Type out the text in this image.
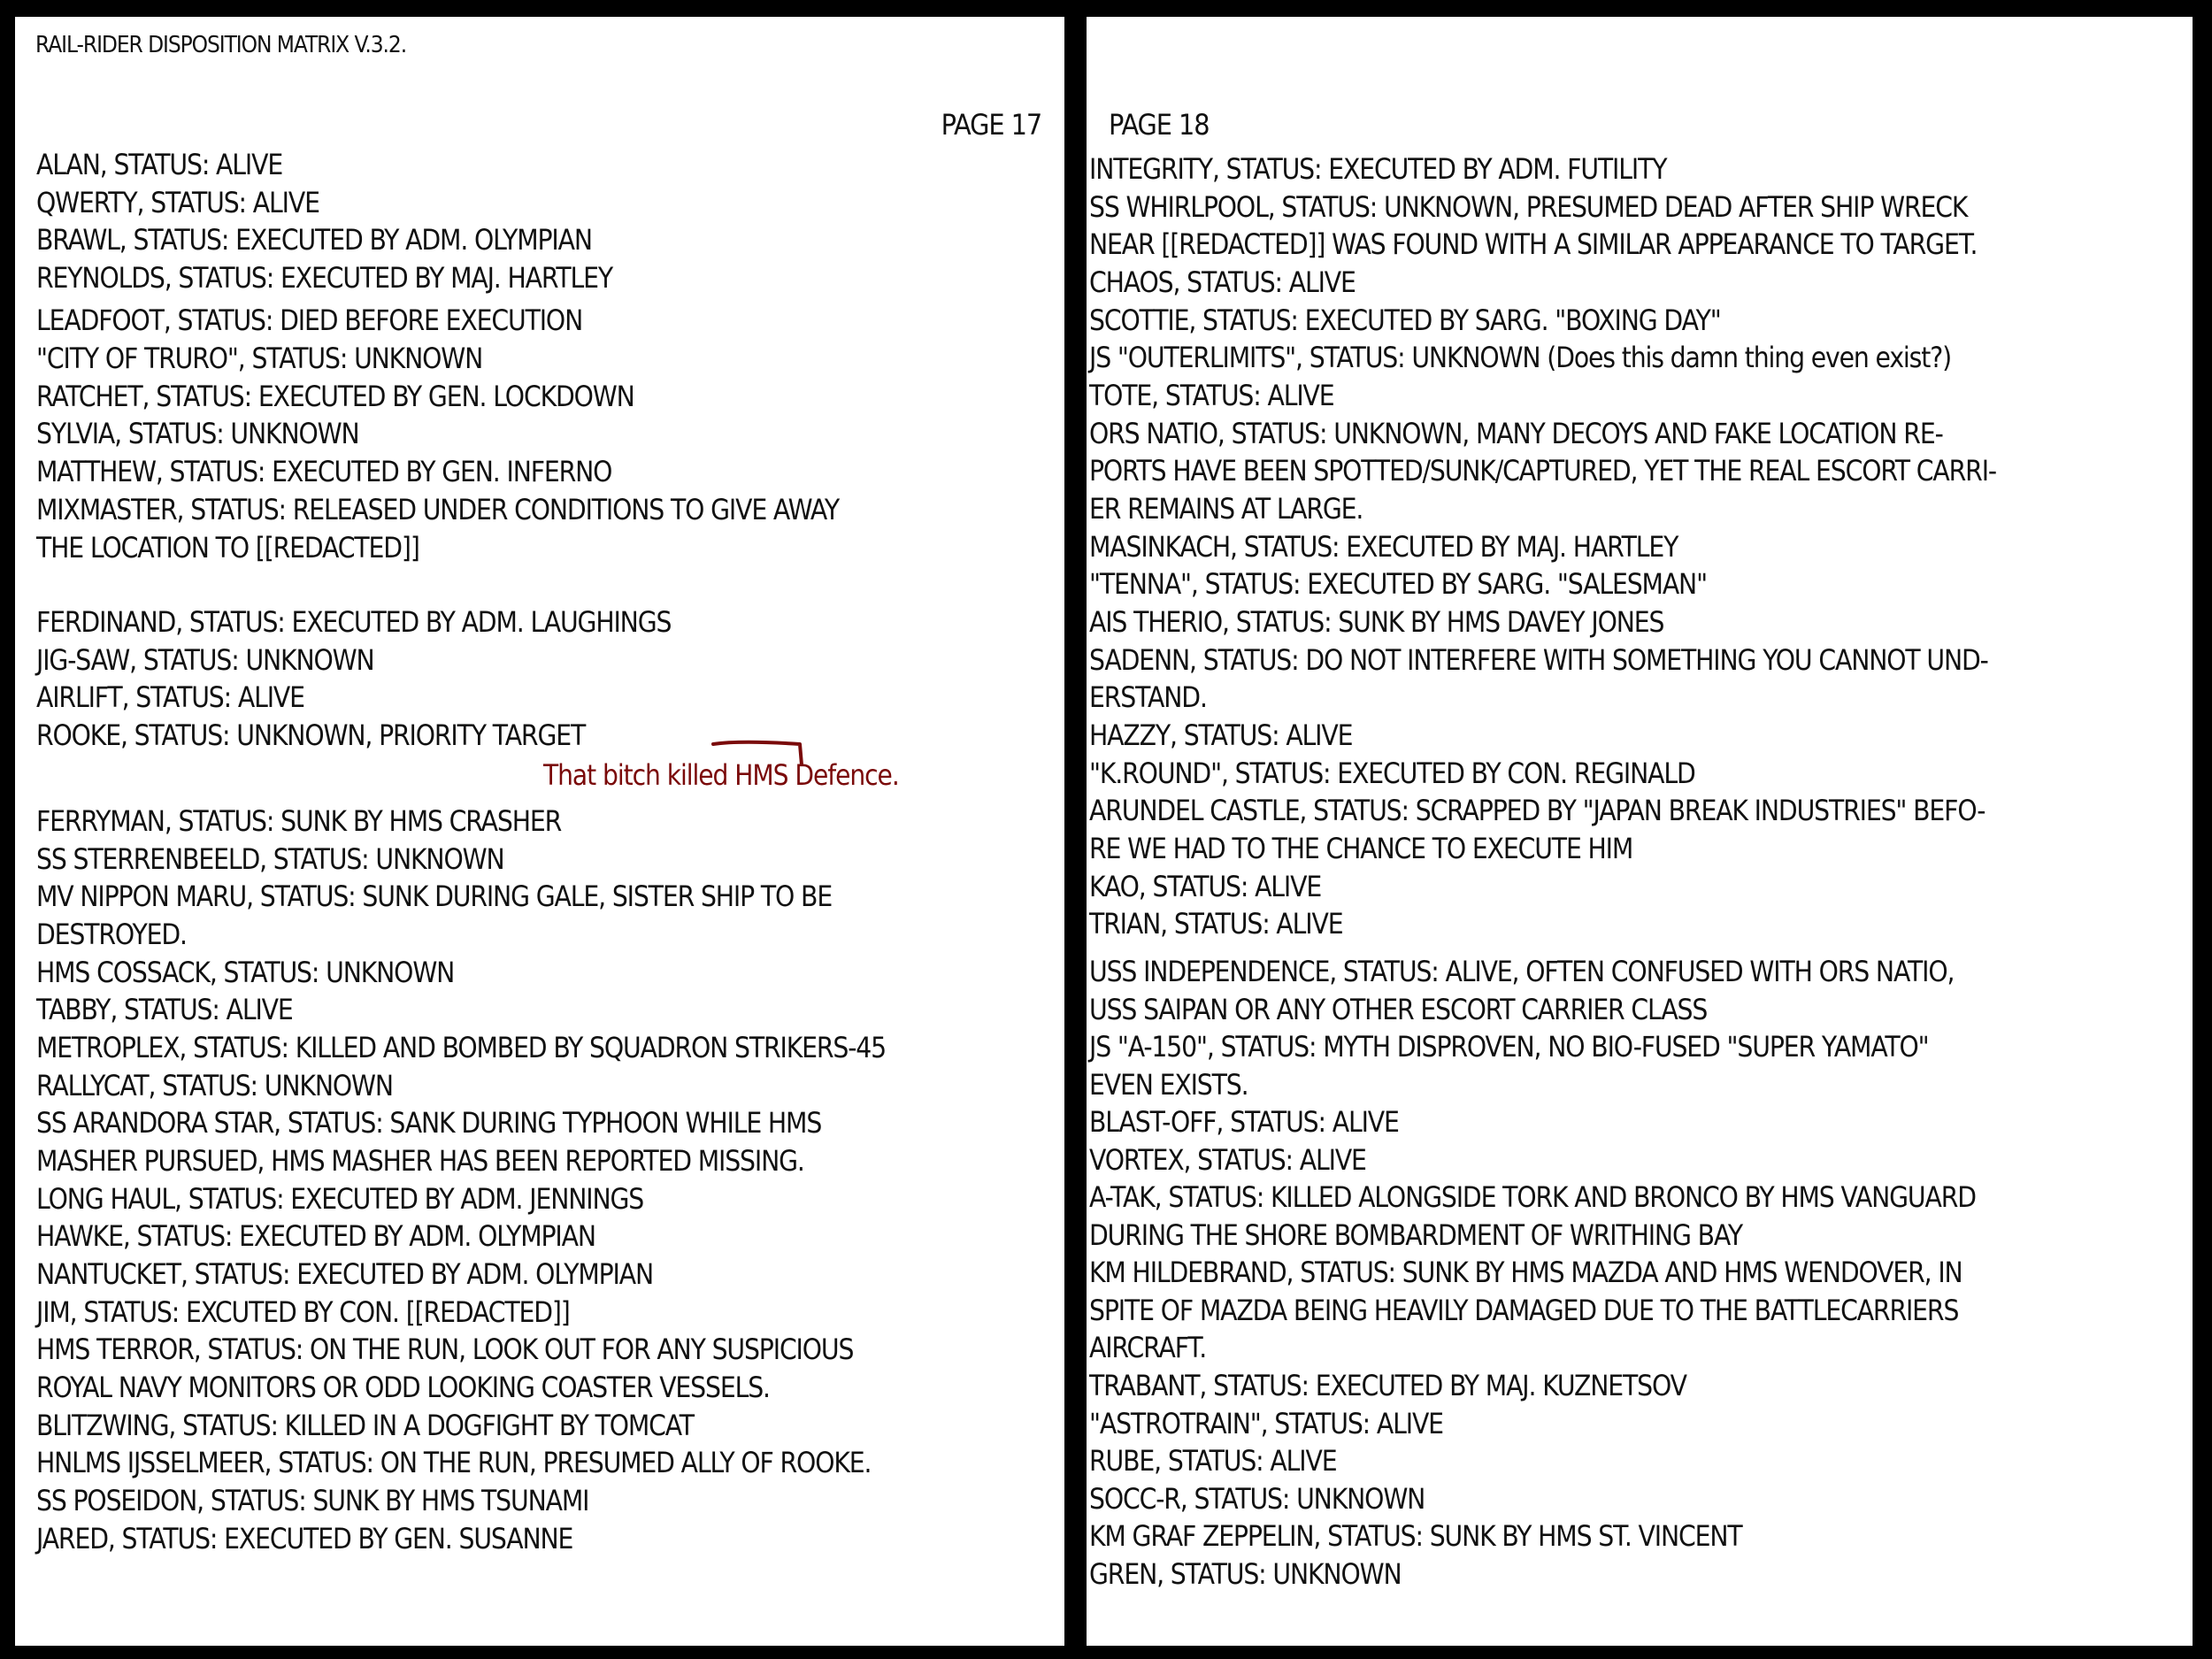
RAIL-RIDER DISPOSITION MATRIX V.3.2.
PAGE 17
ALAN, STATUS: ALIVE
QWERTY, STATUS: ALIVE
BRAWL, STATUS: EXECUTED BY ADM. OLYMPIAN
REYNOLDS, STATUS: EXECUTED BY MAJ. HARTLEY
LEADFOOT, STATUS: DIED BEFORE EXECUTION
"CITY OF TRURO", STATUS: UNKNOWN
RATCHET, STATUS: EXECUTED BY GEN. LOCKDOWN
SYLVIA, STATUS: UNKNOWN
MATTHEW, STATUS: EXECUTED BY GEN. INFERNO
MIXMASTER, STATUS: RELEASED UNDER CONDITIONS TO GIVE AWAY
THE LOCATION TO [[REDACTED]]
FERDINAND, STATUS: EXECUTED BY ADM. LAUGHINGS
JIG-SAW, STATUS: UNKNOWN
AIRLIFT, STATUS: ALIVE
ROOKE, STATUS: UNKNOWN, PRIORITY TARGET
FERRYMAN, STATUS: SUNK BY HMS CRASHER
SS STERRENBEELD, STATUS: UNKNOWN
MV NIPPON MARU, STATUS: SUNK DURING GALE, SISTER SHIP TO BE
DESTROYED.
HMS COSSACK, STATUS: UNKNOWN
TABBY, STATUS: ALIVE
METROPLEX, STATUS: KILLED AND BOMBED BY SQUADRON STRIKERS-45
RALLYCAT, STATUS: UNKNOWN
SS ARANDORA STAR, STATUS: SANK DURING TYPHOON WHILE HMS
MASHER PURSUED, HMS MASHER HAS BEEN REPORTED MISSING.
LONG HAUL, STATUS: EXECUTED BY ADM. JENNINGS
HAWKE, STATUS: EXECUTED BY ADM. OLYMPIAN
NANTUCKET, STATUS: EXECUTED BY ADM. OLYMPIAN
JIM, STATUS: EXCUTED BY CON. [[REDACTED]]
HMS TERROR, STATUS: ON THE RUN, LOOK OUT FOR ANY SUSPICIOUS
ROYAL NAVY MONITORS OR ODD LOOKING COASTER VESSELS.
BLITZWING, STATUS: KILLED IN A DOGFIGHT BY TOMCAT
HNLMS IJSSELMEER, STATUS: ON THE RUN, PRESUMED ALLY OF ROOKE.
SS POSEIDON, STATUS: SUNK BY HMS TSUNAMI
JARED, STATUS: EXECUTED BY GEN. SUSANNE
That bitch killed HMS Defence.
PAGE 18
INTEGRITY, STATUS: EXECUTED BY ADM. FUTILITY
SS WHIRLPOOL, STATUS: UNKNOWN, PRESUMED DEAD AFTER SHIP WRECK
NEAR [[REDACTED]] WAS FOUND WITH A SIMILAR APPEARANCE TO TARGET.
CHAOS, STATUS: ALIVE
SCOTTIE, STATUS: EXECUTED BY SARG. "BOXING DAY"
JS "OUTERLIMITS", STATUS: UNKNOWN (Does this damn thing even exist?)
TOTE, STATUS: ALIVE
ORS NATIO, STATUS: UNKNOWN, MANY DECOYS AND FAKE LOCATION RE-
PORTS HAVE BEEN SPOTTED/SUNK/CAPTURED, YET THE REAL ESCORT CARRI-
ER REMAINS AT LARGE.
MASINKACH, STATUS: EXECUTED BY MAJ. HARTLEY
"TENNA", STATUS: EXECUTED BY SARG. "SALESMAN"
AIS THERIO, STATUS: SUNK BY HMS DAVEY JONES
SADENN, STATUS: DO NOT INTERFERE WITH SOMETHING YOU CANNOT UND-
ERSTAND.
HAZZY, STATUS: ALIVE
"K.ROUND", STATUS: EXECUTED BY CON. REGINALD
ARUNDEL CASTLE, STATUS: SCRAPPED BY "JAPAN BREAK INDUSTRIES" BEFO-
RE WE HAD TO THE CHANCE TO EXECUTE HIM
KAO, STATUS: ALIVE
TRIAN, STATUS: ALIVE
USS INDEPENDENCE, STATUS: ALIVE, OFTEN CONFUSED WITH ORS NATIO,
USS SAIPAN OR ANY OTHER ESCORT CARRIER CLASS
JS "A-150", STATUS: MYTH DISPROVEN, NO BIO-FUSED "SUPER YAMATO"
EVEN EXISTS.
BLAST-OFF, STATUS: ALIVE
VORTEX, STATUS: ALIVE
A-TAK, STATUS: KILLED ALONGSIDE TORK AND BRONCO BY HMS VANGUARD
DURING THE SHORE BOMBARDMENT OF WRITHING BAY
KM HILDEBRAND, STATUS: SUNK BY HMS MAZDA AND HMS WENDOVER, IN
SPITE OF MAZDA BEING HEAVILY DAMAGED DUE TO THE BATTLECARRIERS
AIRCRAFT.
TRABANT, STATUS: EXECUTED BY MAJ. KUZNETSOV
"ASTROTRAIN", STATUS: ALIVE
RUBE, STATUS: ALIVE
SOCC-R, STATUS: UNKNOWN
KM GRAF ZEPPELIN, STATUS: SUNK BY HMS ST. VINCENT
GREN, STATUS: UNKNOWN
